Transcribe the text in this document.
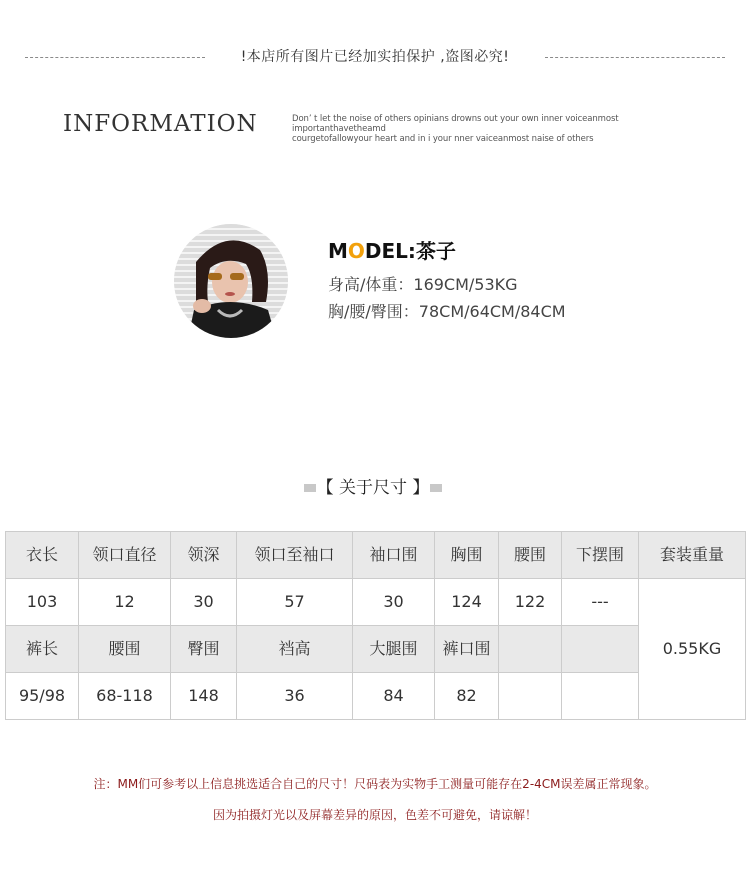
!本店所有图片已经加实拍保护 ,盗图必究!
INFORMATION	Don’ t let the noise of others opinians drowns out your own inner voiceanmost importanthavetheamd
courgetofallowyour heart and in i your nner vaiceanmost naise of others
MODEL:茶子
身高/体重：169CM/53KG
胸/腰/臀围：78CM/64CM/84CM
【 关于尺寸 】
衣长	领口直径	领深	领口至袖口	袖口围	胸围	腰围	下摆围	套装重量
103	12	30	57	30	124	122	---	0.55KG
裤长	腰围	臀围	裆高	大腿围	裤口围			
95/98	68-118	148	36	84	82			
注：MM们可参考以上信息挑选适合自己的尺寸！尺码表为实物手工测量可能存在2-4CM误差属正常现象。
因为拍摄灯光以及屏幕差异的原因，色差不可避免，请谅解！
